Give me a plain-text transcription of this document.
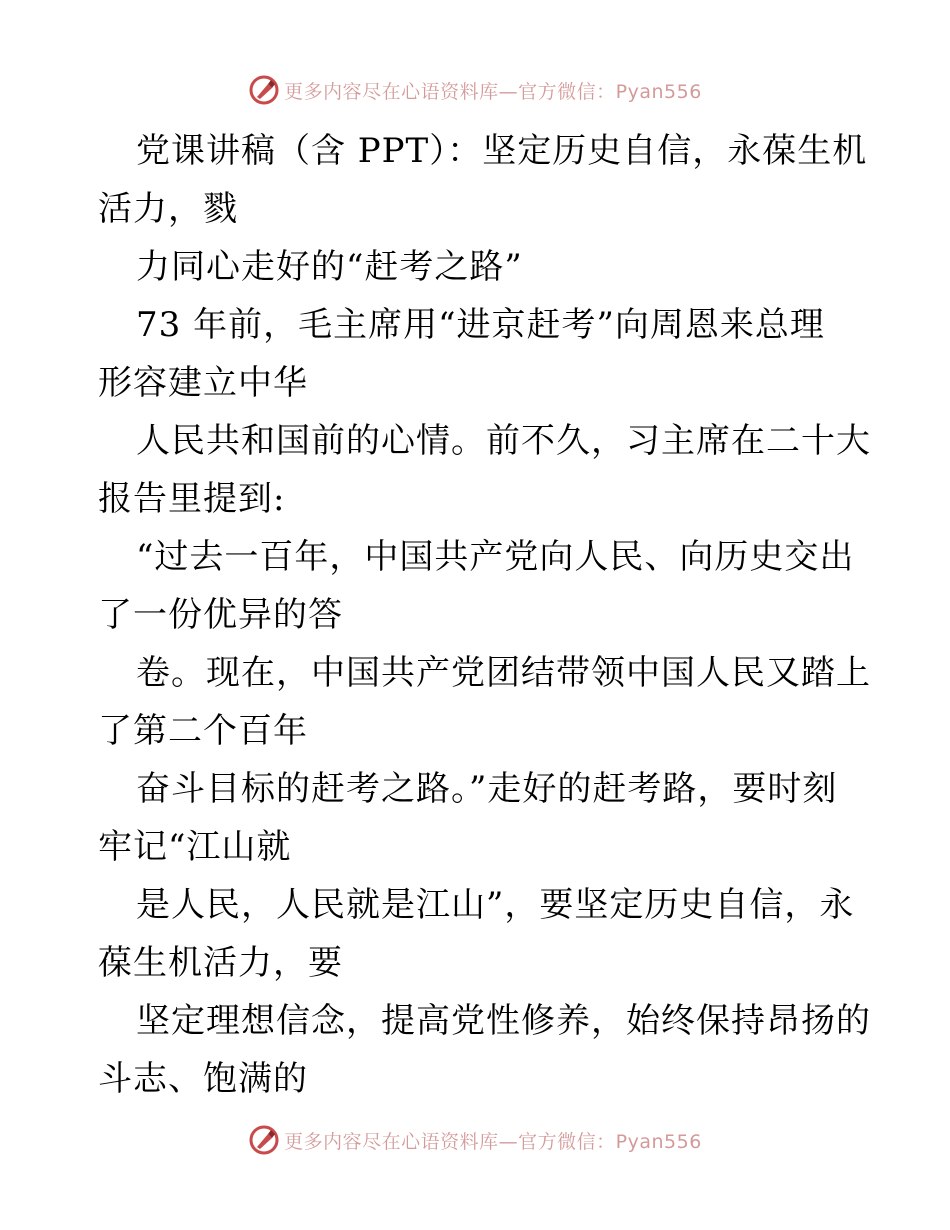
更多内容尽在心语资料库—官方微信：Pyan556
党课讲稿（含 PPT）：坚定历史自信，永葆生机
活力，戮
力同心走好的“赶考之路”
73 年前，毛主席用“进京赶考”向周恩来总理
形容建立中华
人民共和国前的心情。前不久，习主席在二十大
报告里提到:
“过去一百年，中国共产党向人民、向历史交出
了一份优异的答
卷。现在，中国共产党团结带领中国人民又踏上
了第二个百年
奋斗目标的赶考之路。”走好的赶考路，要时刻
牢记“江山就
是人民，人民就是江山”，要坚定历史自信，永
葆生机活力，要
坚定理想信念，提高党性修养，始终保持昂扬的
斗志、饱满的
更多内容尽在心语资料库—官方微信：Pyan556
